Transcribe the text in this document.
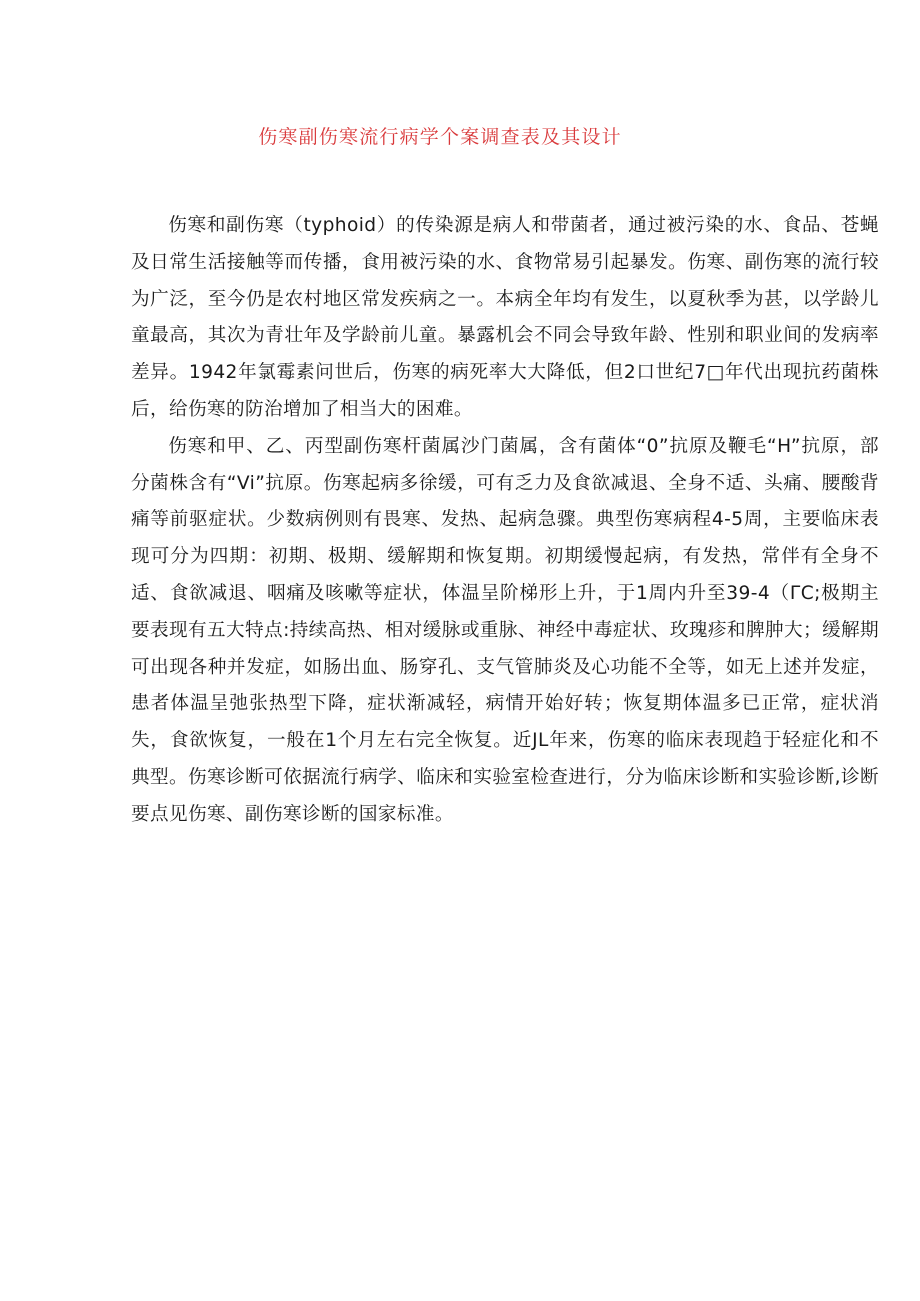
伤寒副伤寒流行病学个案调查表及其设计

伤寒和副伤寒（typhoid）的传染源是病人和带菌者，通过被污染的水、食品、苍蝇及日常生活接触等而传播，食用被污染的水、食物常易引起暴发。伤寒、副伤寒的流行较为广泛，至今仍是农村地区常发疾病之一。本病全年均有发生，以夏秋季为甚，以学龄儿童最高，其次为青壮年及学龄前儿童。暴露机会不同会导致年龄、性别和职业间的发病率差异。1942年氯霉素问世后，伤寒的病死率大大降低，但2口世纪7□年代出现抗药菌株后，给伤寒的防治增加了相当大的困难。

伤寒和甲、乙、丙型副伤寒杆菌属沙门菌属，含有菌体“0”抗原及鞭毛“H”抗原，部分菌株含有“Vi”抗原。伤寒起病多徐缓，可有乏力及食欲减退、全身不适、头痛、腰酸背痛等前驱症状。少数病例则有畏寒、发热、起病急骤。典型伤寒病程4-5周，主要临床表现可分为四期：初期、极期、缓解期和恢复期。初期缓慢起病，有发热，常伴有全身不适、食欲减退、咽痛及咳嗽等症状，体温呈阶梯形上升，于1周内升至39-4（ΓC;极期主要表现有五大特点:持续高热、相对缓脉或重脉、神经中毒症状、玫瑰疹和脾肿大；缓解期可出现各种并发症，如肠出血、肠穿孔、支气管肺炎及心功能不全等，如无上述并发症，患者体温呈弛张热型下降，症状渐减轻，病情开始好转；恢复期体温多已正常，症状消失，食欲恢复，一般在1个月左右完全恢复。近JL年来，伤寒的临床表现趋于轻症化和不典型。伤寒诊断可依据流行病学、临床和实验室检查进行，分为临床诊断和实验诊断,诊断要点见伤寒、副伤寒诊断的国家标准。
